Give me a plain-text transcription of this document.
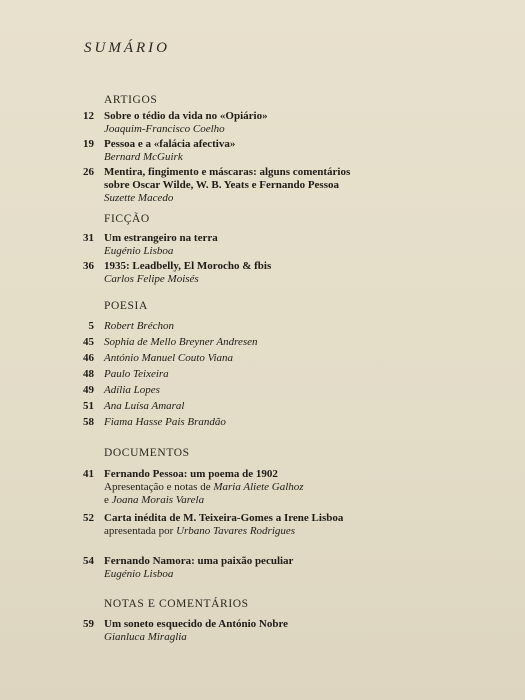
SUMÁRIO
ARTIGOS
12 Sobre o tédio da vida no «Opiário»
Joaquim-Francisco Coelho
19 Pessoa e a «falácia afectiva»
Bernard McGuirk
26 Mentira, fingimento e máscaras: alguns comentários
sobre Oscar Wilde, W. B. Yeats e Fernando Pessoa
Suzette Macedo
FICÇÃO
31 Um estrangeiro na terra
Eugénio Lisboa
36 1935: Leadbelly, El Morocho & fbis
Carlos Felipe Moisés
POESIA
5 Robert Bréchon
45 Sophia de Mello Breyner Andresen
46 António Manuel Couto Viana
48 Paulo Teixeira
49 Adília Lopes
51 Ana Luísa Amaral
58 Fiama Hasse Pais Brandão
DOCUMENTOS
41 Fernando Pessoa: um poema de 1902
Apresentação e notas de Maria Aliete Galhoz
e Joana Morais Varela
52 Carta inédita de M. Teixeira-Gomes a Irene Lisboa
apresentada por Urbano Tavares Rodrigues
54 Fernando Namora: uma paixão peculiar
Eugénio Lisboa
NOTAS E COMENTÁRIOS
59 Um soneto esquecido de António Nobre
Gianluca Miraglia
